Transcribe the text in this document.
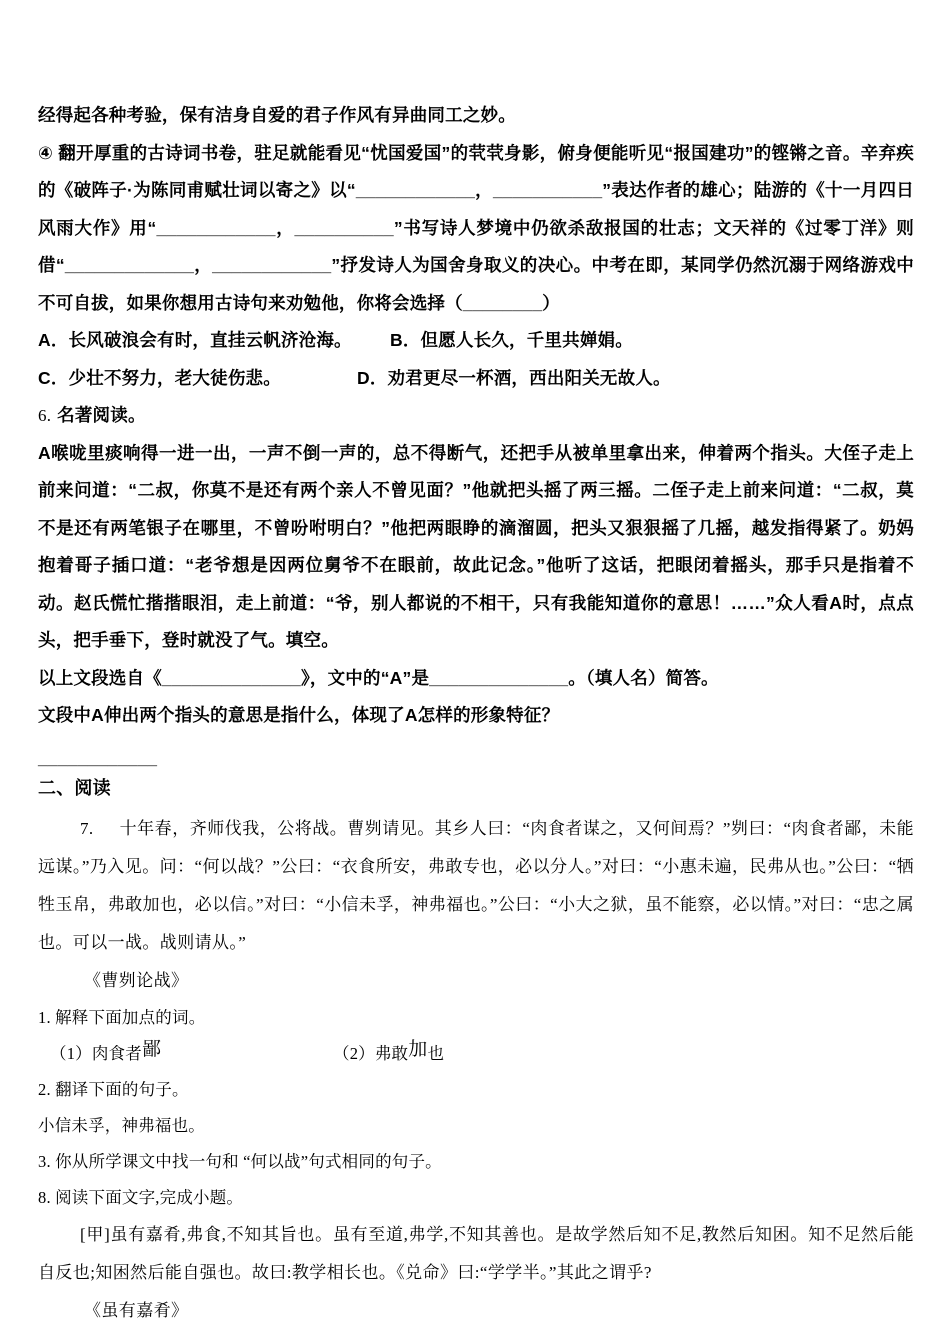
经得起各种考验，保有洁身自爱的君子作风有异曲同工之妙。

④ 翻开厚重的古诗词书卷，驻足就能看见“忧国爱国”的茕茕身影，俯身便能听见“报国建功”的铿锵之音。辛弃疾的《破阵子·为陈同甫赋壮词以寄之》以“____________，___________”表达作者的雄心；陆游的《十一月四日风雨大作》用“____________，__________”书写诗人梦境中仍欲杀敌报国的壮志；文天祥的《过零丁洋》则借“_____________，____________”抒发诗人为国舍身取义的决心。中考在即，某同学仍然沉溺于网络游戏中不可自拔，如果你想用古诗句来劝勉他，你将会选择（________）

A．长风破浪会有时，直挂云帆济沧海。	B．但愿人长久，千里共婵娟。
C．少壮不努力，老大徒伤悲。	D．劝君更尽一杯酒，西出阳关无故人。

6. 名著阅读。

A喉咙里痰响得一进一出，一声不倒一声的，总不得断气，还把手从被单里拿出来，伸着两个指头。大侄子走上前来问道：“二叔，你莫不是还有两个亲人不曾见面？”他就把头摇了两三摇。二侄子走上前来问道：“二叔，莫不是还有两笔银子在哪里，不曾吩咐明白？”他把两眼睁的滴溜圆，把头又狠狠摇了几摇，越发指得紧了。奶妈抱着哥子插口道：“老爷想是因两位舅爷不在眼前，故此记念。”他听了这话，把眼闭着摇头，那手只是指着不动。赵氏慌忙揩揩眼泪，走上前道：“爷，别人都说的不相干，只有我能知道你的意思！……”众人看A时，点点头，把手垂下，登时就没了气。填空。

以上文段选自《______________》，文中的“A”是______________。（填人名）简答。

文段中A伸出两个指头的意思是指什么，体现了A怎样的形象特征？

____________

二、阅读

7. 十年春，齐师伐我，公将战。曹刿请见。其乡人曰：“肉食者谋之，又何间焉？”刿曰：“肉食者鄙，未能远谋。”乃入见。问：“何以战？”公曰：“衣食所安，弗敢专也，必以分人。”对曰：“小惠未遍，民弗从也。”公曰：“牺牲玉帛，弗敢加也，必以信。”对曰：“小信未孚，神弗福也。”公曰：“小大之狱，虽不能察，必以情。”对曰：“忠之属也。可以一战。战则请从。”

《曹刿论战》

1. 解释下面加点的词。

（1）肉食者鄙	（2）弗敢加也

2. 翻译下面的句子。

小信未孚，神弗福也。

3. 你从所学课文中找一句和 “何以战”句式相同的句子。

8. 阅读下面文字,完成小题。

[甲]虽有嘉肴,弗食,不知其旨也。虽有至道,弗学,不知其善也。是故学然后知不足,教然后知困。知不足然后能自反也;知困然后能自强也。故曰:教学相长也。《兑命》曰:“学学半。”其此之谓乎?

《虽有嘉肴》
